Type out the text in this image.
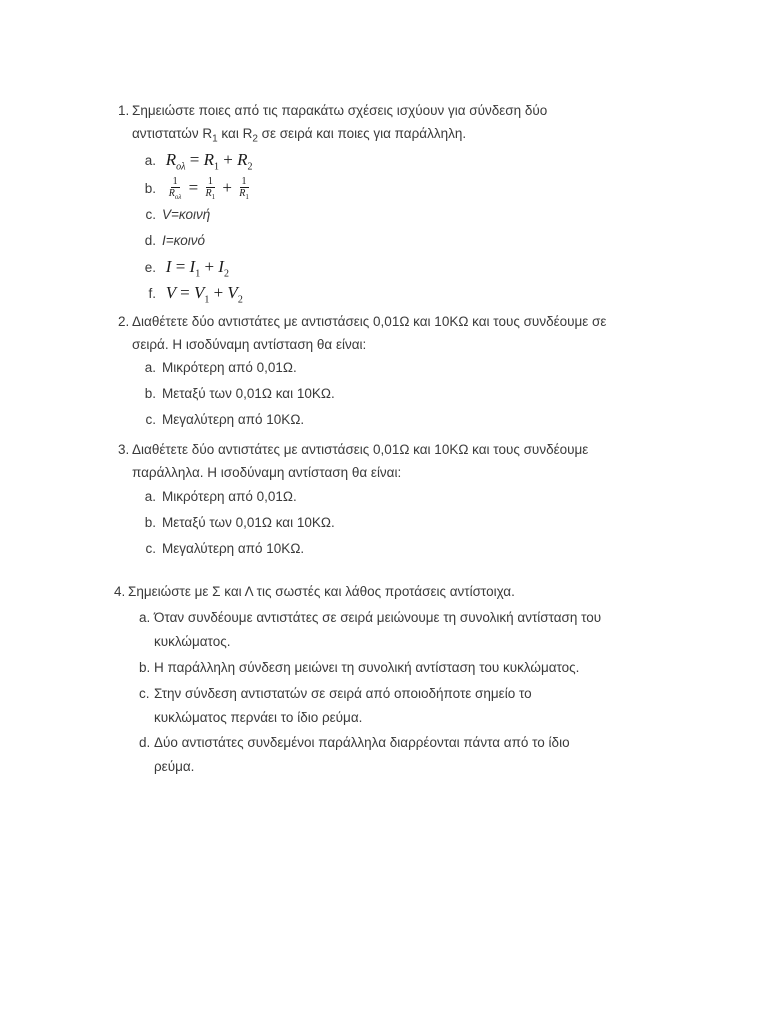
1. Σημειώστε ποιες από τις παρακάτω σχέσεις ισχύουν για σύνδεση δύο
αντιστατών $R_1$ και $R_2$ σε σειρά και ποιες για παράλληλη.
a. $R_{o\lambda} = R_1 + R_2$
b. $\frac{1}{R_{o\lambda}} = \frac{1}{R_1} + \frac{1}{R_1}$
c. V=κοινή
d. I=κοινό
e. $I = I_1 + I_2$
f. $V = V_1 + V_2$
2. Διαθέτετε δύο αντιστάτες με αντιστάσεις 0,01Ω και 10ΚΩ και τους συνδέουμε σε
σειρά. Η ισοδύναμη αντίσταση θα είναι:
a. Μικρότερη από 0,01Ω.
b. Μεταξύ των 0,01Ω και 10ΚΩ.
c. Μεγαλύτερη από 10ΚΩ.
3. Διαθέτετε δύο αντιστάτες με αντιστάσεις 0,01Ω και 10ΚΩ και τους συνδέουμε
παράλληλα. Η ισοδύναμη αντίσταση θα είναι:
a. Μικρότερη από 0,01Ω.
b. Μεταξύ των 0,01Ω και 10ΚΩ.
c. Μεγαλύτερη από 10ΚΩ.
4. Σημειώστε με Σ και Λ τις σωστές και λάθος προτάσεις αντίστοιχα.
a. Όταν συνδέουμε αντιστάτες σε σειρά μειώνουμε τη συνολική αντίσταση του
κυκλώματος.
b. Η παράλληλη σύνδεση μειώνει τη συνολική αντίσταση του κυκλώματος.
c. Στην σύνδεση αντιστατών σε σειρά από οποιοδήποτε σημείο το
κυκλώματος περνάει το ίδιο ρεύμα.
d. Δύο αντιστάτες συνδεμένοι παράλληλα διαρρέονται πάντα από το ίδιο
ρεύμα.
